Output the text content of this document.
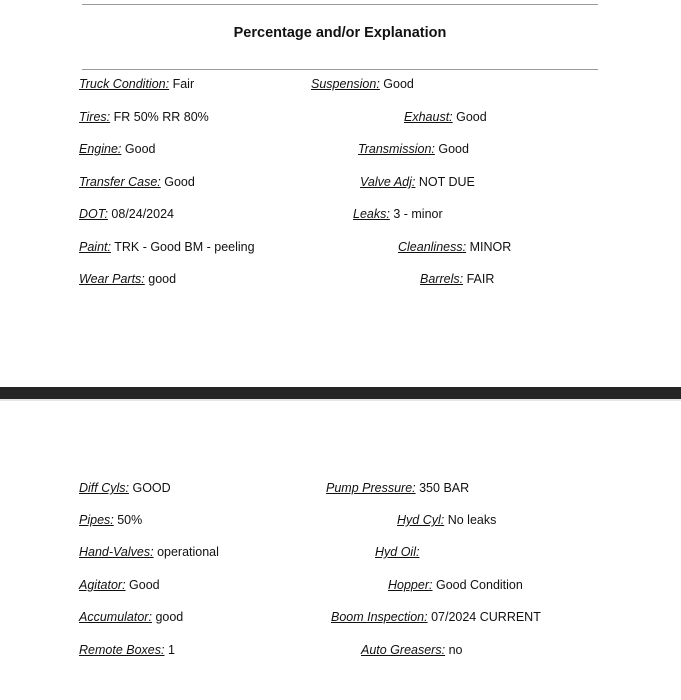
Percentage and/or Explanation
Truck Condition: Fair
Tires: FR 50% RR 80%
Engine: Good
Transfer Case: Good
DOT: 08/24/2024
Paint: TRK - Good BM - peeling
Wear Parts: good
Suspension: Good
Exhaust: Good
Transmission: Good
Valve Adj: NOT DUE
Leaks: 3 - minor
Cleanliness: MINOR
Barrels: FAIR
Diff Cyls: GOOD
Pipes: 50%
Hand-Valves: operational
Agitator: Good
Accumulator: good
Remote Boxes: 1
Pump Pressure: 350 BAR
Hyd Cyl: No leaks
Hyd Oil:
Hopper: Good Condition
Boom Inspection: 07/2024 CURRENT
Auto Greasers: no
